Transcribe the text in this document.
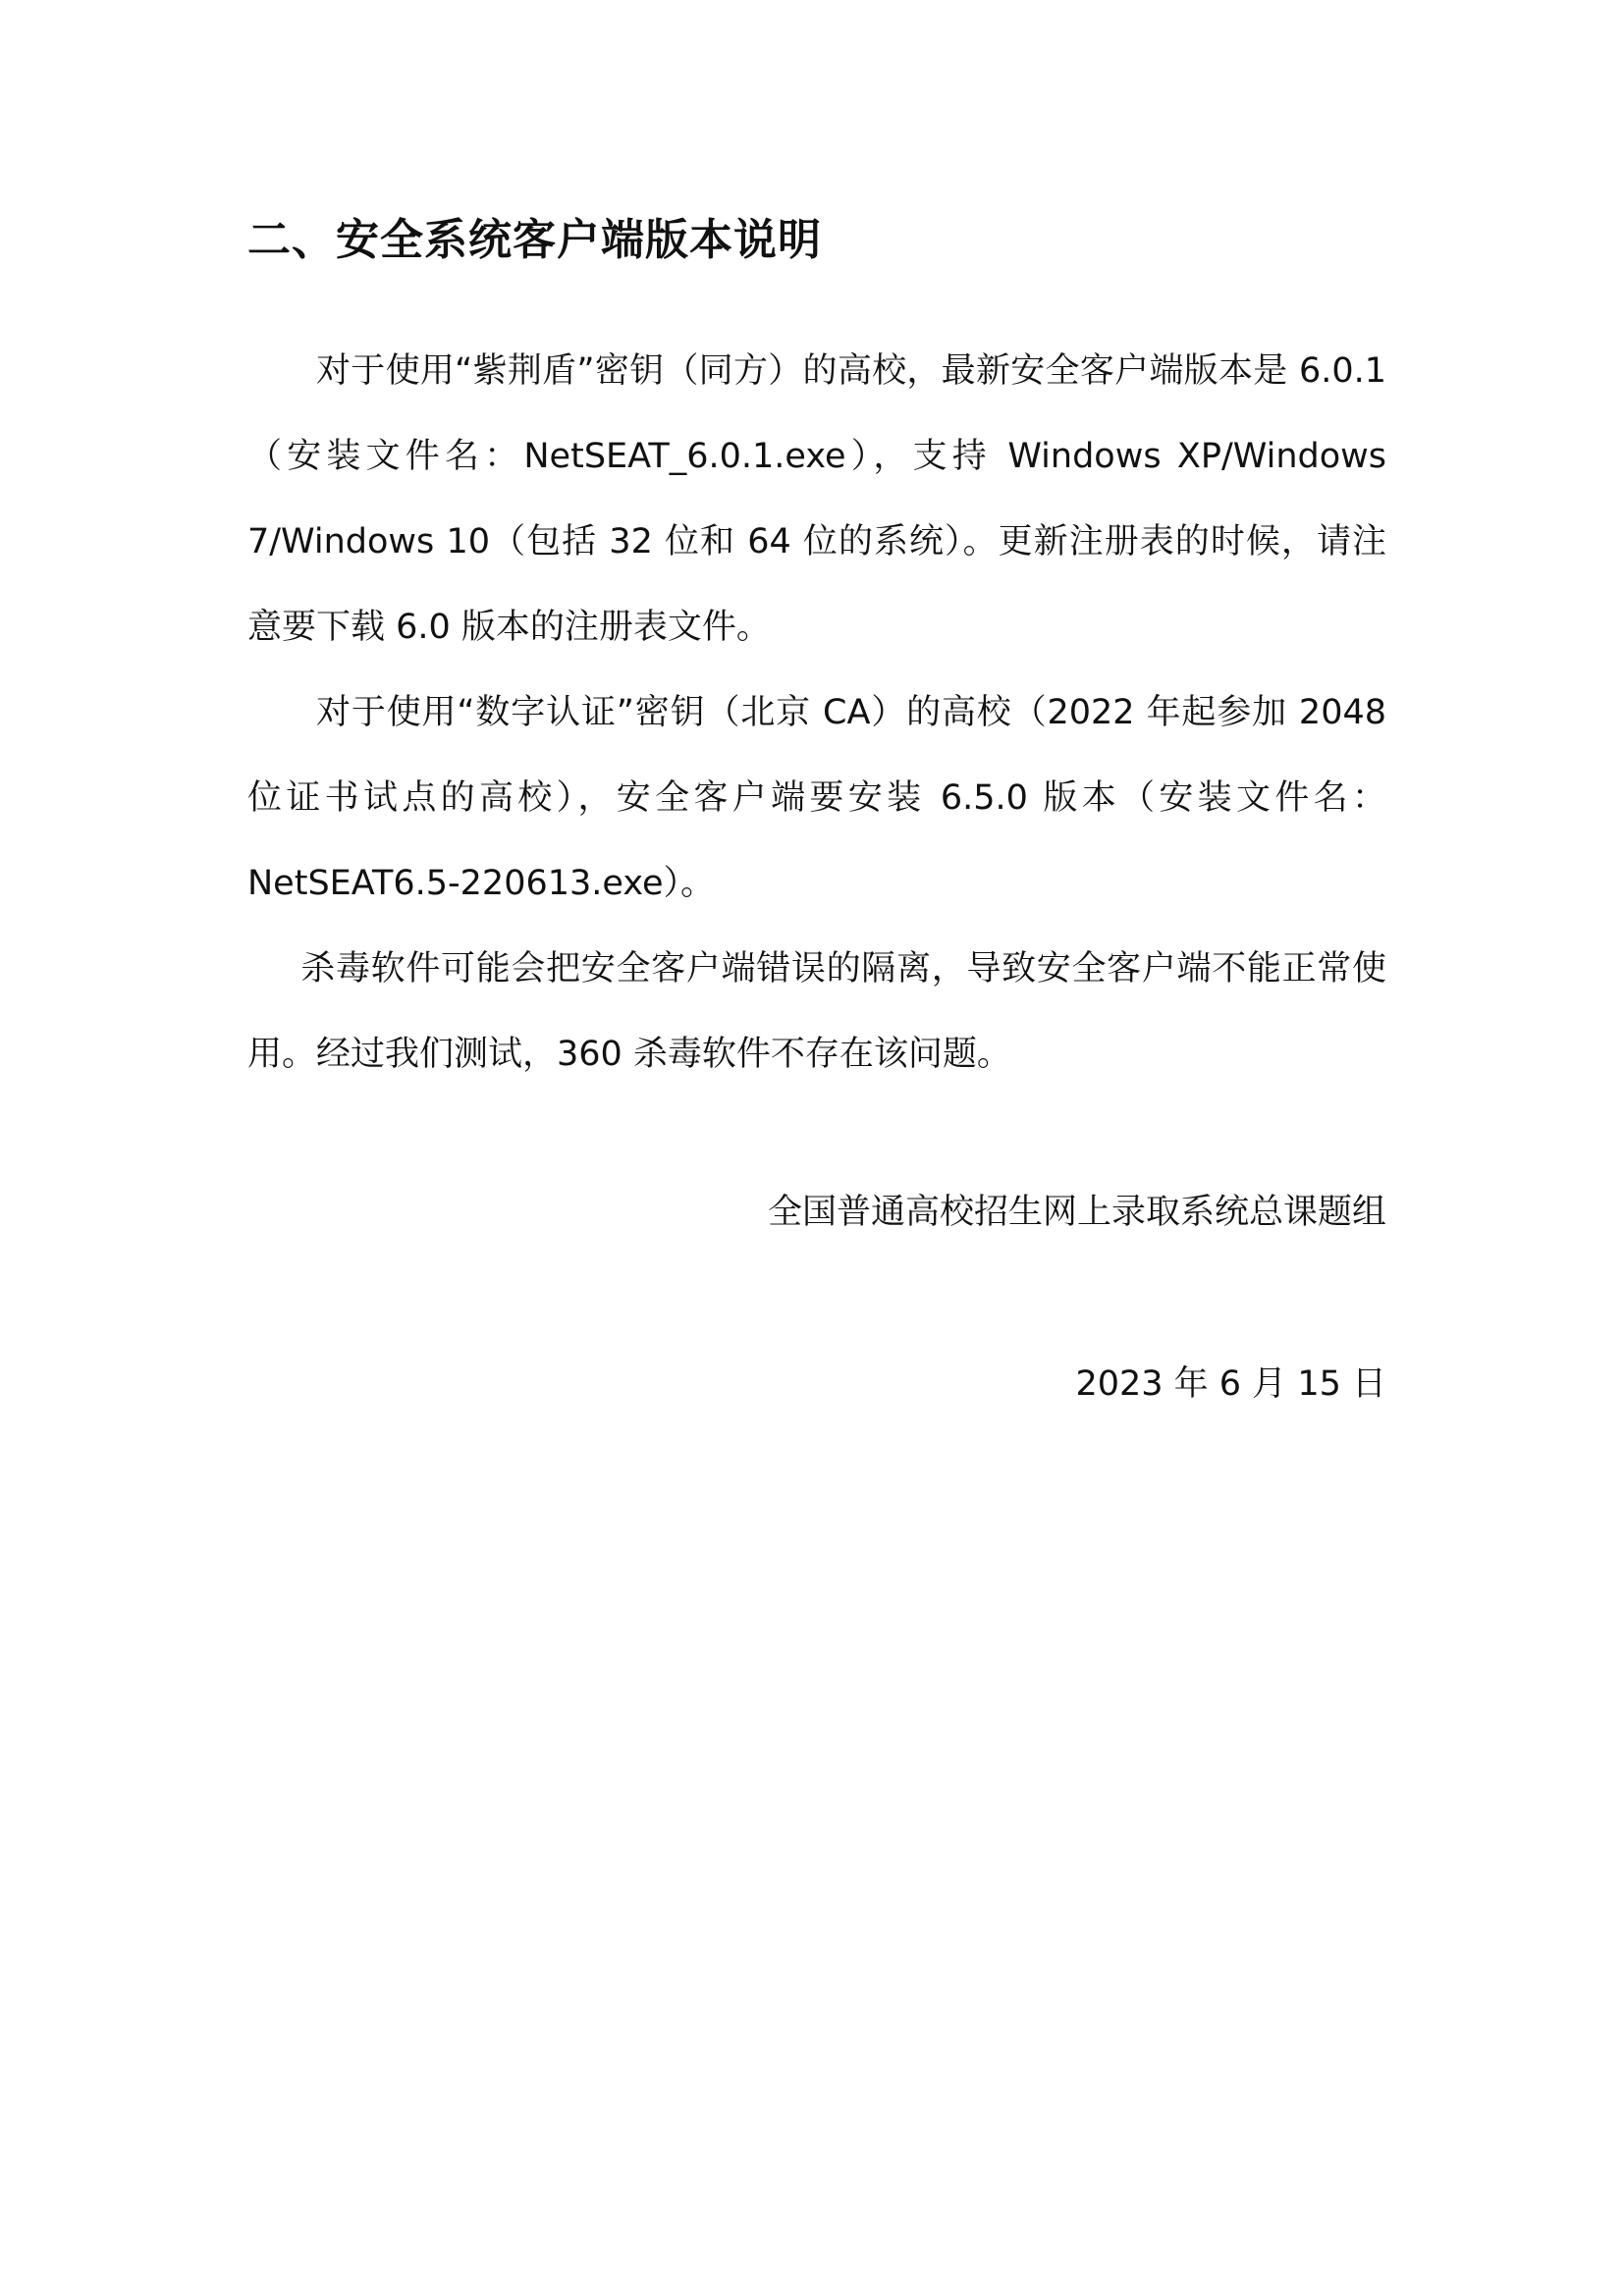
二、安全系统客户端版本说明

对于使用“紫荆盾”密钥（同方）的高校，最新安全客户端版本是 6.0.1（安装文件名：NetSEAT_6.0.1.exe），支持 Windows XP/Windows 7/Windows 10（包括 32 位和 64 位的系统）。更新注册表的时候，请注意要下载 6.0 版本的注册表文件。

对于使用“数字认证”密钥（北京 CA）的高校（2022 年起参加 2048 位证书试点的高校），安全客户端要安装 6.5.0 版本（安装文件名：NetSEAT6.5-220613.exe）。

杀毒软件可能会把安全客户端错误的隔离，导致安全客户端不能正常使用。经过我们测试，360 杀毒软件不存在该问题。

全国普通高校招生网上录取系统总课题组
2023 年 6 月 15 日
